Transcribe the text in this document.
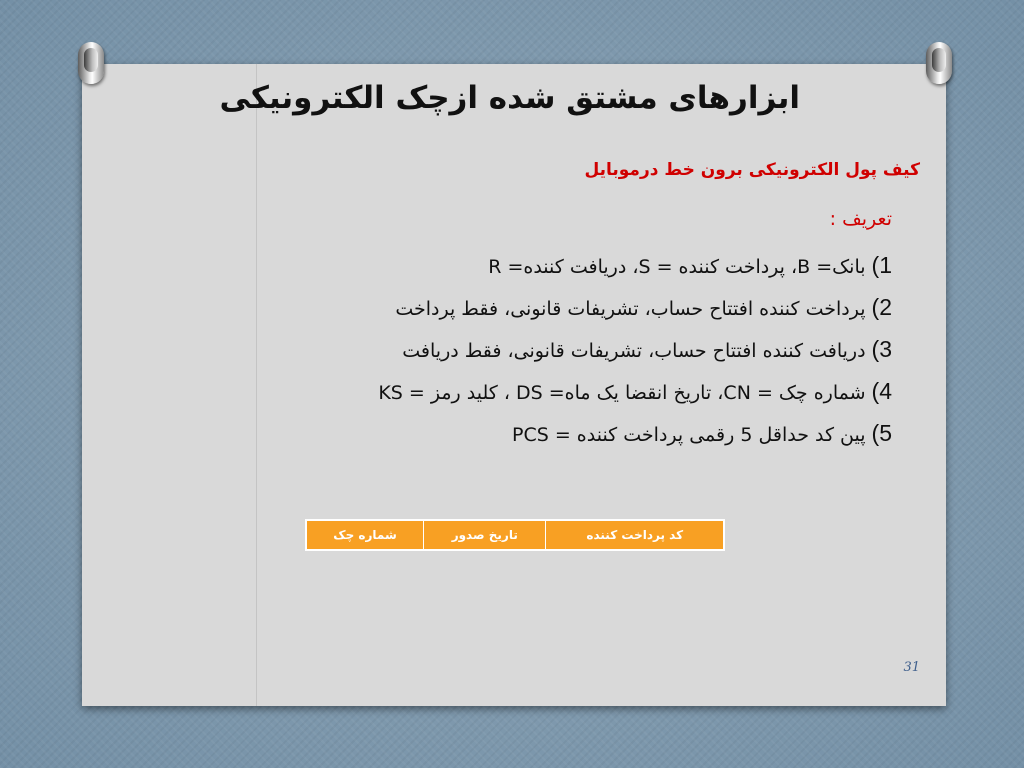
ابزارهای مشتق شده ازچک الکترونیکی
کیف پول الکترونیکی برون خط درموبایل
تعریف :
1)بانک= B، پرداخت کننده = S، دریافت کننده= R
2)پرداخت کننده افتتاح حساب، تشریفات قانونی، فقط پرداخت
3)دریافت کننده افتتاح حساب، تشریفات قانونی، فقط دریافت
4)شماره چک = CN، تاریخ انقضا یک ماه= DS ، کلید رمز = KS
5)پین کد حداقل 5 رقمی پرداخت کننده = PCS
کد پرداخت کننده	تاریخ صدور	شماره چک
31
